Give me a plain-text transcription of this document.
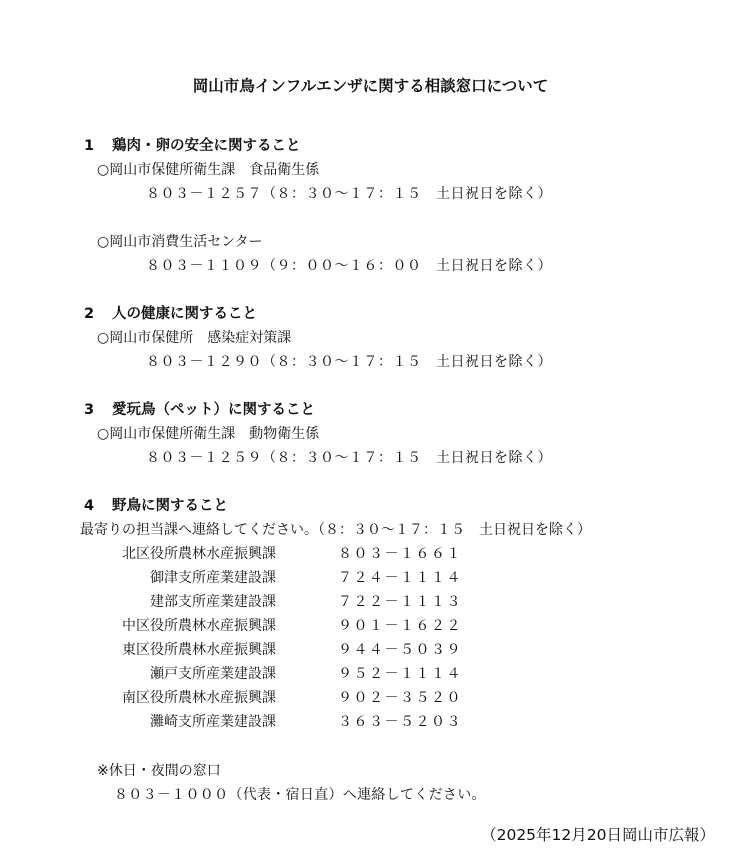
岡山市鳥インフルエンザに関する相談窓口について
1 鶏肉・卵の安全に関すること
○岡山市保健所衛生課　食品衛生係
８０３－１２５７（８：３０～１７：１５　土日祝日を除く）
○岡山市消費生活センター
８０３－１１０９（９：００～１６：００　土日祝日を除く）
2 人の健康に関すること
○岡山市保健所　感染症対策課
８０３－１２９０（８：３０～１７：１５　土日祝日を除く）
3 愛玩鳥（ペット）に関すること
○岡山市保健所衛生課　動物衛生係
８０３－１２５９（８：３０～１７：１５　土日祝日を除く）
4 野鳥に関すること
最寄りの担当課へ連絡してください。（８：３０～１７：１５　土日祝日を除く）
北区役所農林水産振興課	８０３－１６６１
御津支所産業建設課	７２４－１１１４
建部支所産業建設課	７２２－１１１３
中区役所農林水産振興課	９０１－１６２２
東区役所農林水産振興課	９４４－５０３９
瀬戸支所産業建設課	９５２－１１１４
南区役所農林水産振興課	９０２－３５２０
灘崎支所産業建設課	３６３－５２０３
※休日・夜間の窓口
８０３－１０００（代表・宿日直）へ連絡してください。
（2025年12月20日岡山市広報）
